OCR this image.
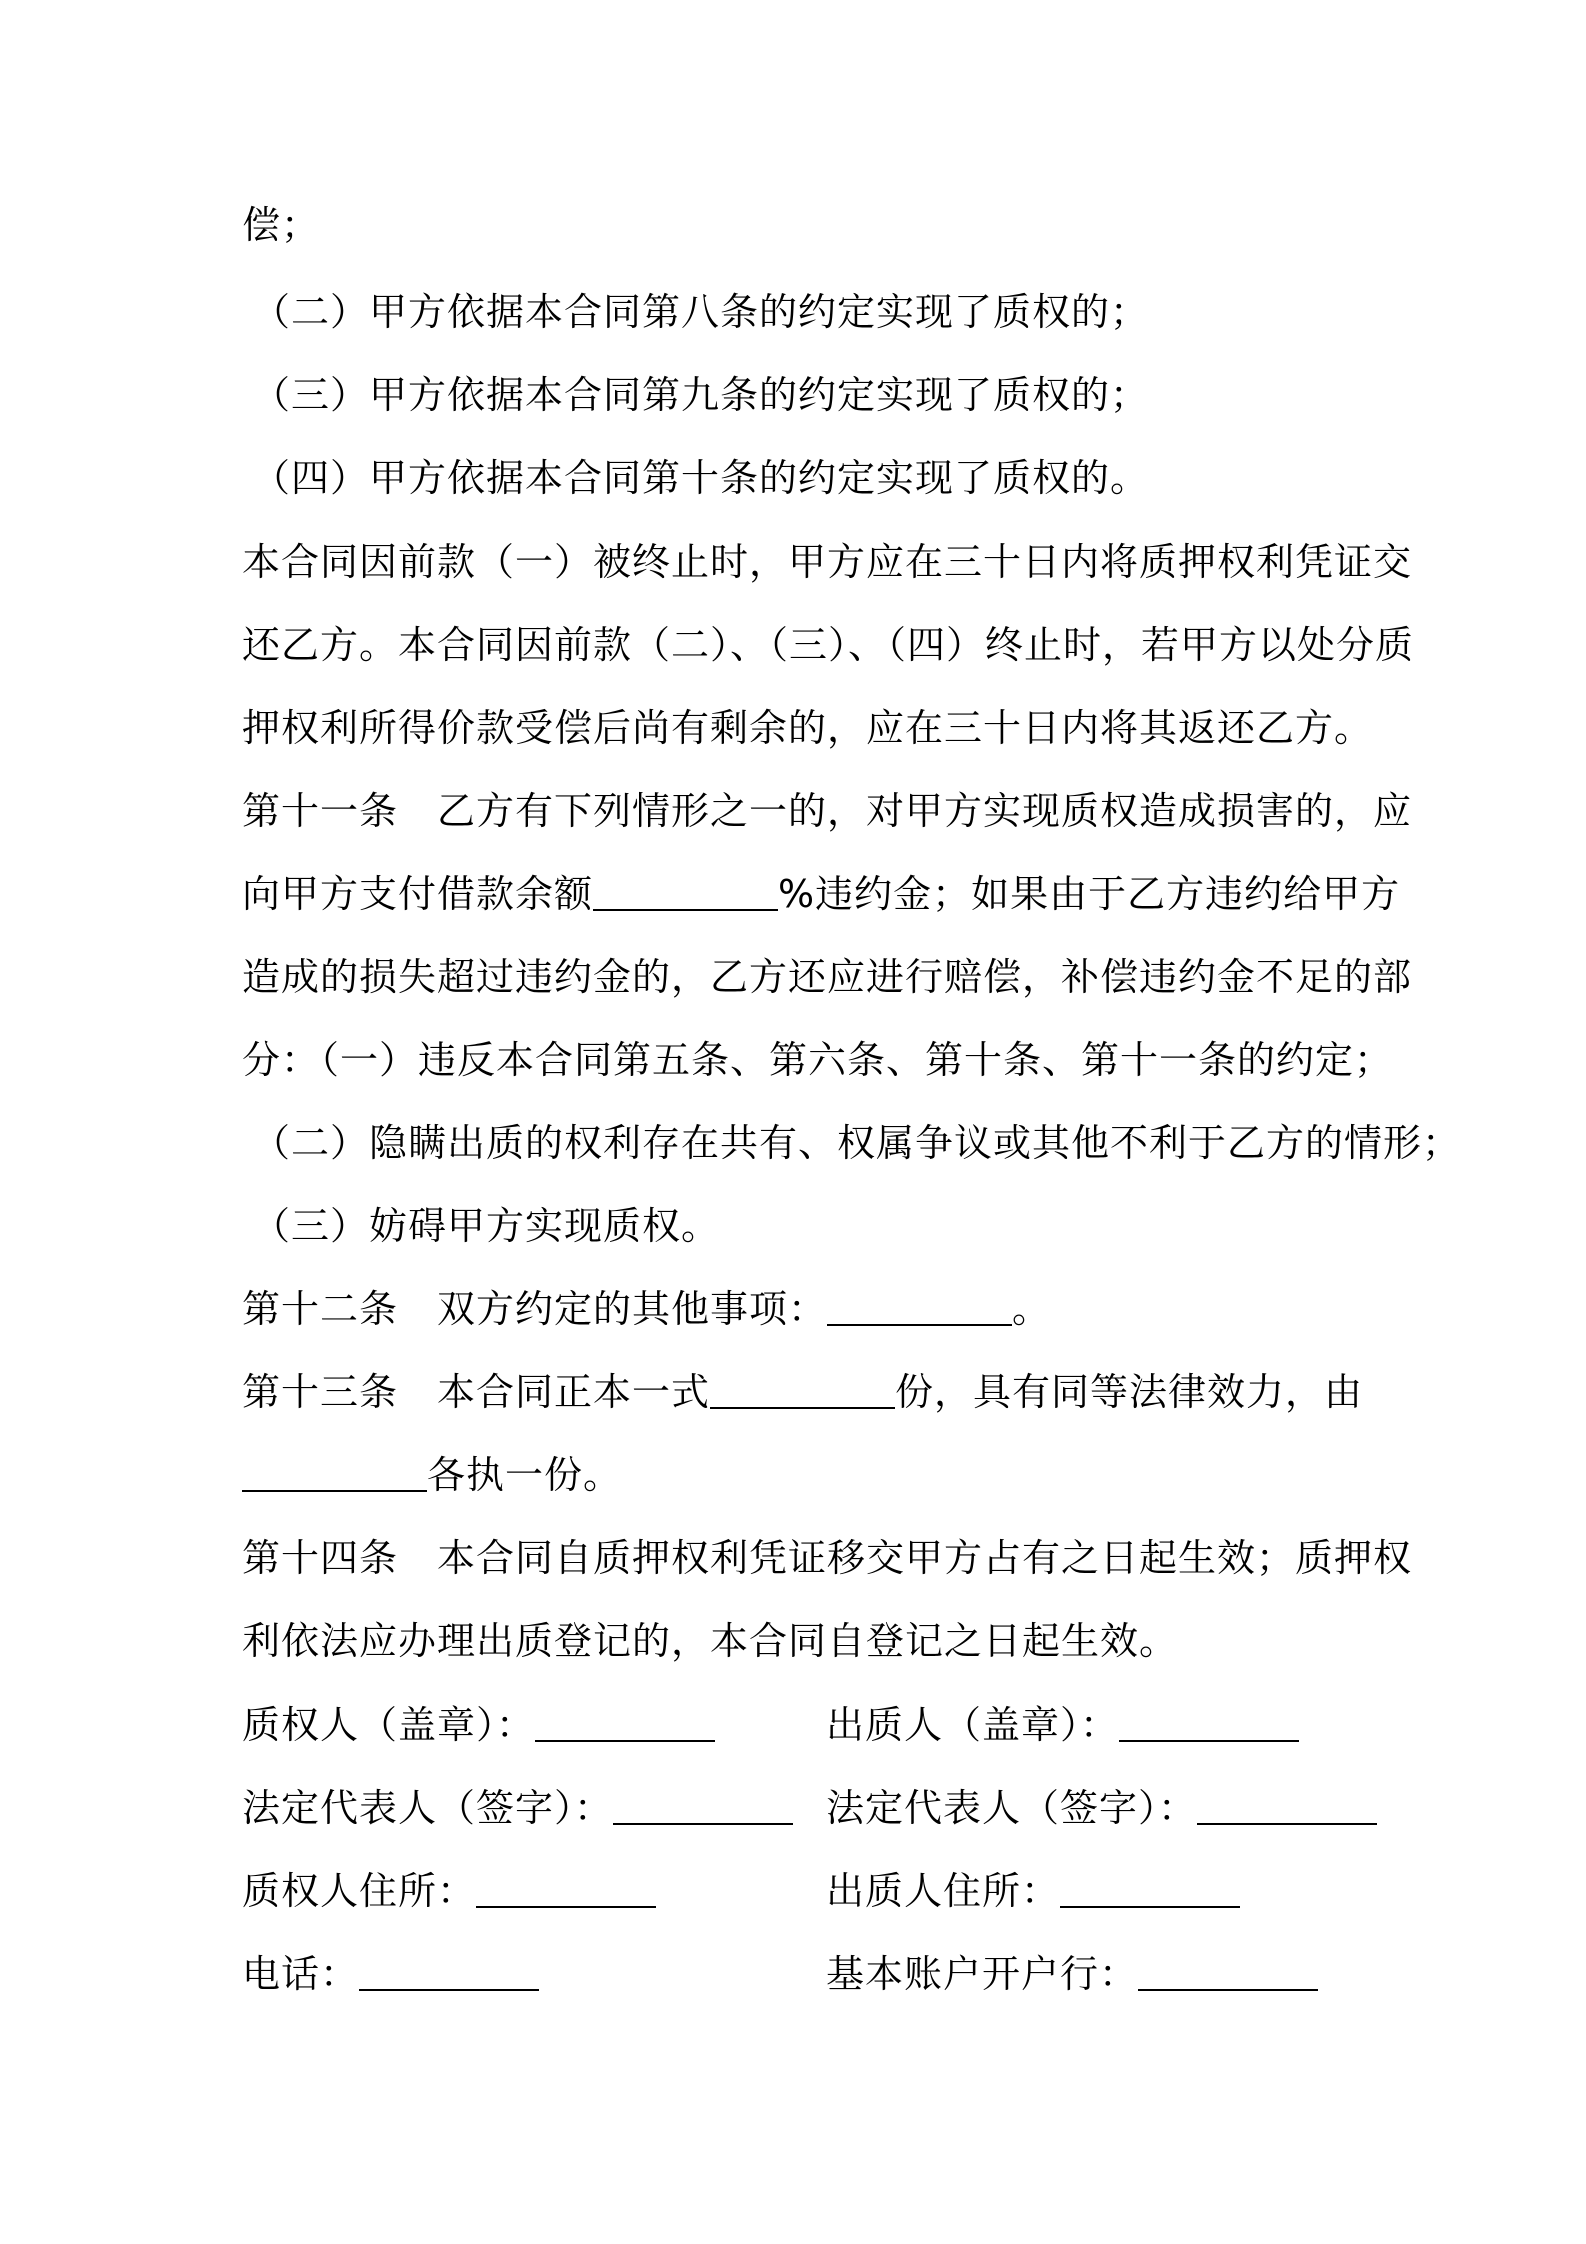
偿；
（二）甲方依据本合同第八条的约定实现了质权的；
（三）甲方依据本合同第九条的约定实现了质权的；
（四）甲方依据本合同第十条的约定实现了质权的。
本合同因前款（一）被终止时，甲方应在三十日内将质押权利凭证交
还乙方。本合同因前款（二）、（三）、（四）终止时，若甲方以处分质
押权利所得价款受偿后尚有剩余的，应在三十日内将其返还乙方。
第十一条　乙方有下列情形之一的，对甲方实现质权造成损害的，应
向甲方支付借款余额	%违约金；如果由于乙方违约给甲方
造成的损失超过违约金的，乙方还应进行赔偿，补偿违约金不足的部
分：（一）违反本合同第五条、第六条、第十条、第十一条的约定；
（二）隐瞒出质的权利存在共有、权属争议或其他不利于乙方的情形；
（三）妨碍甲方实现质权。
第十二条　双方约定的其他事项：	。
第十三条　本合同正本一式	份，具有同等法律效力，由
各执一份。
第十四条　本合同自质押权利凭证移交甲方占有之日起生效；质押权
利依法应办理出质登记的，本合同自登记之日起生效。
质权人（盖章）：	出质人（盖章）：
法定代表人（签字）：	法定代表人（签字）：
质权人住所：	出质人住所：
电话：	基本账户开户行：
